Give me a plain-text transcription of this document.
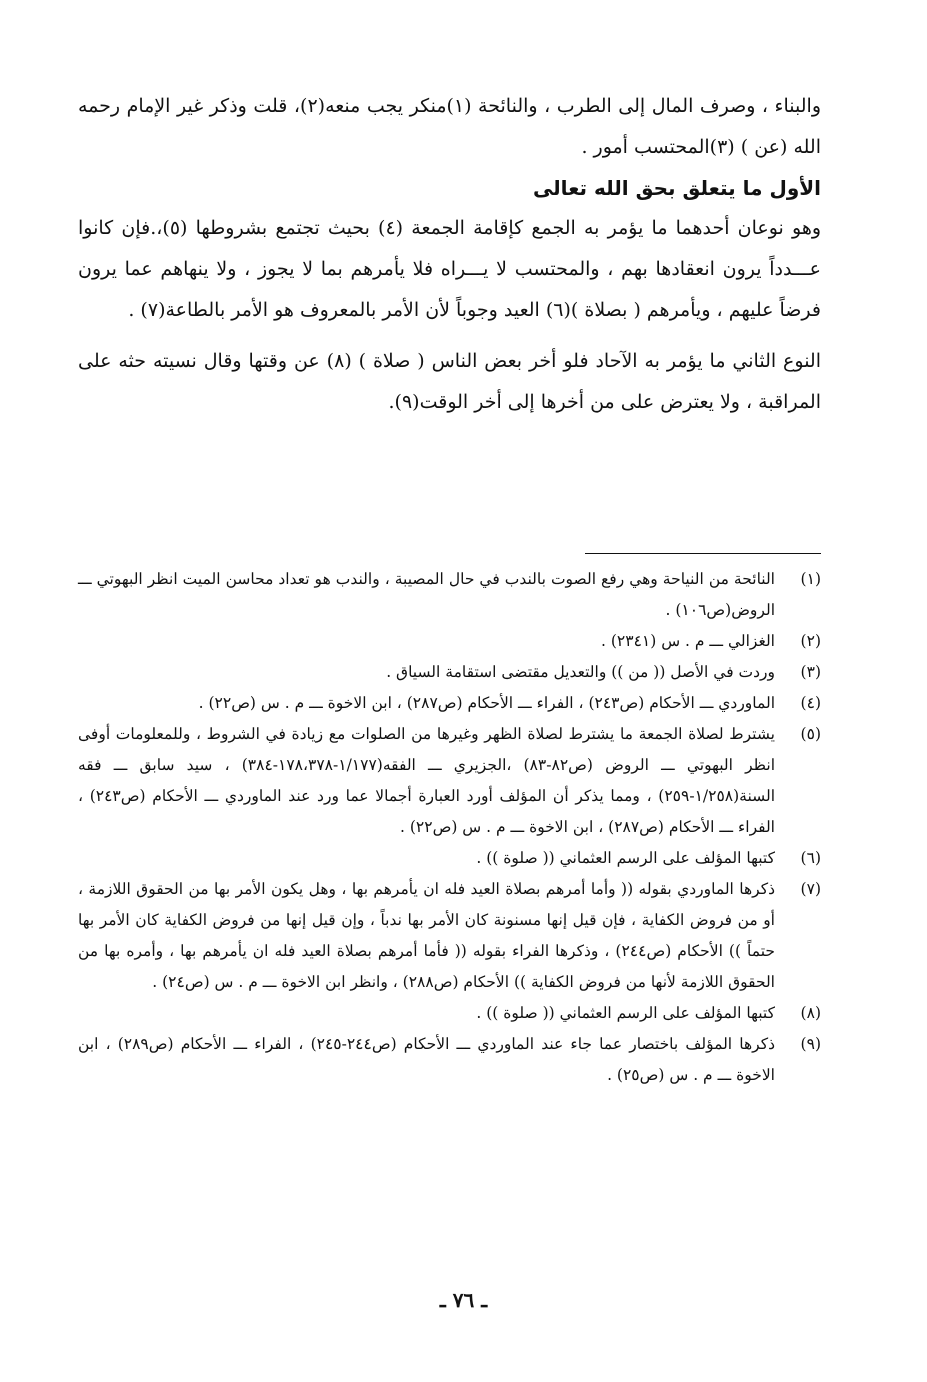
والبناء ، وصرف المال إلى الطرب ، والنائحة (١)منكر يجب منعه(٢)، قلت وذكر غير الإمام رحمه الله (عن ) (٣)المحتسب أمور .

الأول ما يتعلق بحق الله تعالى

وهو نوعان أحدهما ما يؤمر به الجمع كإقامة الجمعة (٤) بحيث تجتمع بشروطها (٥)،.فإن كانوا عـــدداً يرون انعقادها بهم ، والمحتسب لا يـــراه فلا يأمرهم بما لا يجوز ، ولا ينهاهم عما يرون فرضاً عليهم ، ويأمرهم ( بصلاة )(٦) العيد وجوباً لأن الأمر بالمعروف هو الأمر بالطاعة(٧) .

النوع الثاني ما يؤمر به الآحاد فلو أخر بعض الناس ( صلاة ) (٨) عن وقتها وقال نسيته حثه على المراقبة ، ولا يعترض على من أخرها إلى أخر الوقت(٩).

(١)
النائحة من النياحة وهي رفع الصوت بالندب في حال المصيبة ، والندب هو تعداد محاسن الميت انظر البهوتي ـــ الروض(ص١٠٦) .
(٢)
الغزالي ـــ م . س (٢٣٤١) .
(٣)
وردت في الأصل (( من )) والتعديل مقتضى استقامة السياق .
(٤)
الماوردي ـــ الأحكام (ص٢٤٣) ، الفراء ـــ الأحكام (ص٢٨٧) ، ابن الاخوة ـــ م . س (ص٢٢) .
(٥)
يشترط لصلاة الجمعة ما يشترط لصلاة الظهر وغيرها من الصلوات مع زيادة في الشروط ، وللمعلومات أوفى انظر البهوتي ـــ الروض (ص٨٢-٨٣) ،الجزيري ـــ الفقه(١/١٧٧-١٧٨،٣٧٨-٣٨٤) ، سيد سابق ـــ فقه السنة(١/٢٥٨-٢٥٩) ، ومما يذكر أن المؤلف أورد العبارة أجمالا عما ورد عند الماوردي ـــ الأحكام (ص٢٤٣) ، الفراء ـــ الأحكام (ص٢٨٧) ، ابن الاخوة ـــ م . س (ص٢٢) .
(٦)
كتبها المؤلف على الرسم العثماني (( صلوة )) .
(٧)
ذكرها الماوردي بقوله (( وأما أمرهم بصلاة العيد فله ان يأمرهم بها ، وهل يكون الأمر بها من الحقوق اللازمة ، أو من فروض الكفاية ، فإن قيل إنها مسنونة كان الأمر بها ندباً ، وإن قيل إنها من فروض الكفاية كان الأمر بها حتماً )) الأحكام (ص٢٤٤) ، وذكرها الفراء بقوله (( فأما أمرهم بصلاة العيد فله ان يأمرهم بها ، وأمره بها من الحقوق اللازمة لأنها من فروض الكفاية )) الأحكام (ص٢٨٨) ، وانظر ابن الاخوة ـــ م . س (ص٢٤) .
(٨)
كتبها المؤلف على الرسم العثماني (( صلوة )) .
(٩)
ذكرها المؤلف باختصار عما جاء عند الماوردي ـــ الأحكام (ص٢٤٤-٢٤٥) ، الفراء ـــ الأحكام (ص٢٨٩) ، ابن الاخوة ـــ م . س (ص٢٥) .
ـ ٧٦ ـ
